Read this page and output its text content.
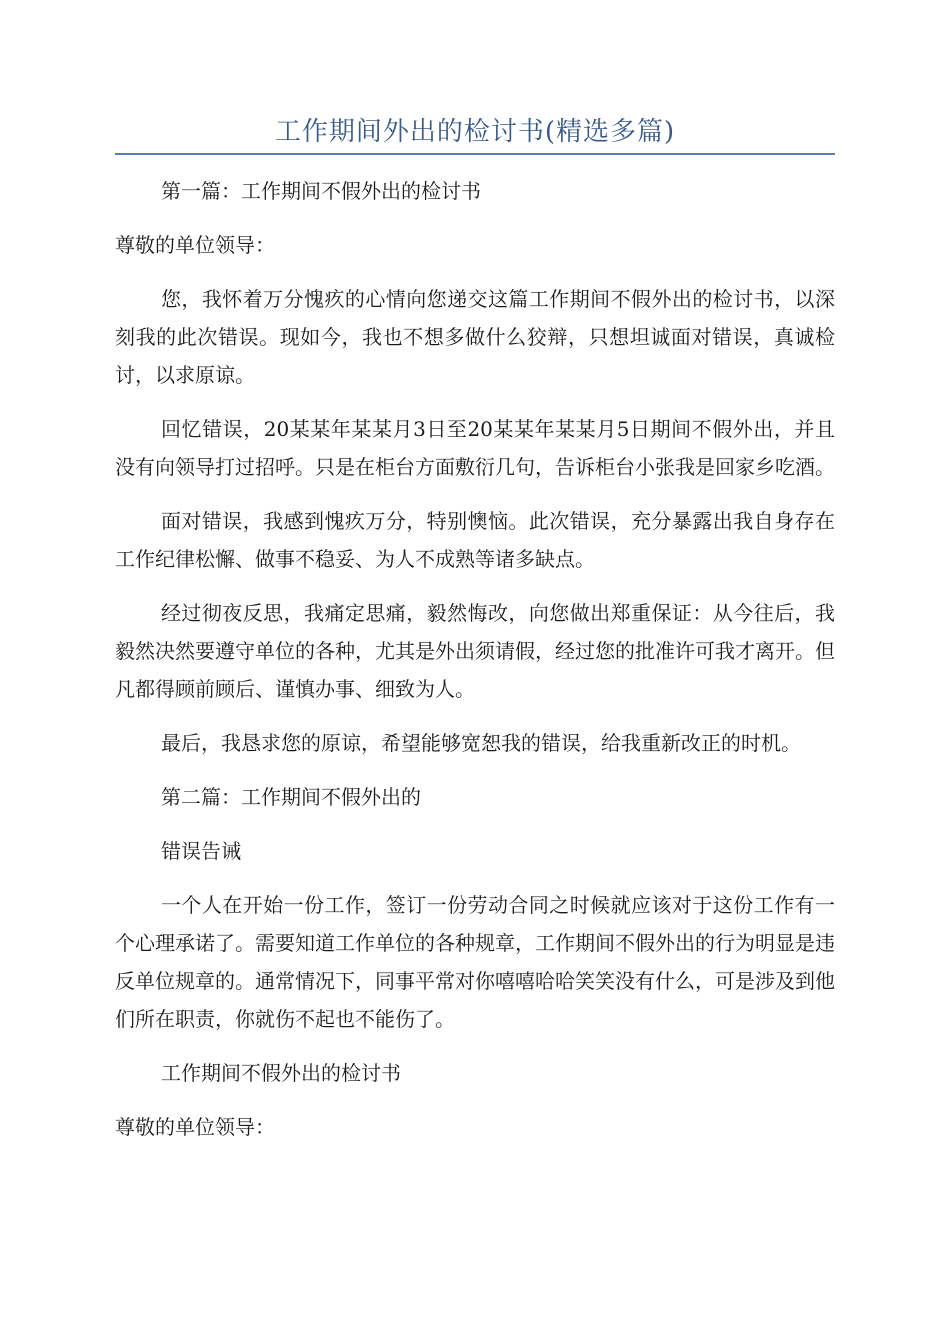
工作期间外出的检讨书(精选多篇)

第一篇：工作期间不假外出的检讨书

尊敬的单位领导：

您，我怀着万分愧疚的心情向您递交这篇工作期间不假外出的检讨书，以深刻我的此次错误。现如今，我也不想多做什么狡辩，只想坦诚面对错误，真诚检讨，以求原谅。

回忆错误，20某某年某某月3日至20某某年某某月5日期间不假外出，并且没有向领导打过招呼。只是在柜台方面敷衍几句，告诉柜台小张我是回家乡吃酒。

面对错误，我感到愧疚万分，特别懊恼。此次错误，充分暴露出我自身存在工作纪律松懈、做事不稳妥、为人不成熟等诸多缺点。

经过彻夜反思，我痛定思痛，毅然悔改，向您做出郑重保证：从今往后，我毅然决然要遵守单位的各种，尤其是外出须请假，经过您的批准许可我才离开。但凡都得顾前顾后、谨慎办事、细致为人。

最后，我恳求您的原谅，希望能够宽恕我的错误，给我重新改正的时机。

第二篇：工作期间不假外出的

错误告诫

一个人在开始一份工作，签订一份劳动合同之时候就应该对于这份工作有一个心理承诺了。需要知道工作单位的各种规章，工作期间不假外出的行为明显是违反单位规章的。通常情况下，同事平常对你嘻嘻哈哈笑笑没有什么，可是涉及到他们所在职责，你就伤不起也不能伤了。

工作期间不假外出的检讨书

尊敬的单位领导：
